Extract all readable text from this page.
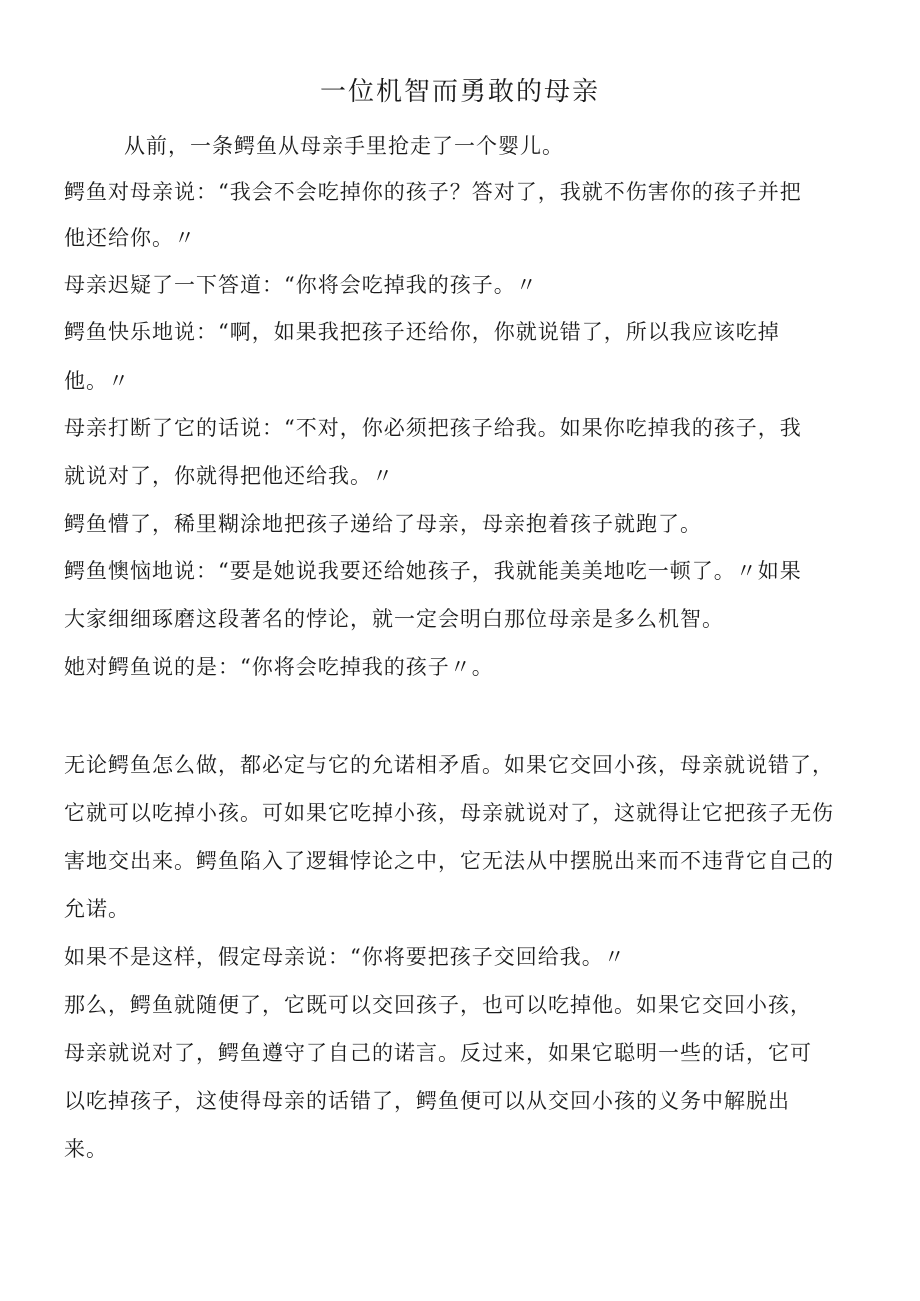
一位机智而勇敢的母亲

从前，一条鳄鱼从母亲手里抢走了一个婴儿。

鳄鱼对母亲说：“我会不会吃掉你的孩子？答对了，我就不伤害你的孩子并把

他还给你。〃

母亲迟疑了一下答道：“你将会吃掉我的孩子。〃

鳄鱼快乐地说：“啊，如果我把孩子还给你，你就说错了，所以我应该吃掉

他。〃

母亲打断了它的话说：“不对，你必须把孩子给我。如果你吃掉我的孩子，我

就说对了，你就得把他还给我。〃

鳄鱼懵了，稀里糊涂地把孩子递给了母亲，母亲抱着孩子就跑了。

鳄鱼懊恼地说：“要是她说我要还给她孩子，我就能美美地吃一顿了。〃如果

大家细细琢磨这段著名的悖论，就一定会明白那位母亲是多么机智。

她对鳄鱼说的是：“你将会吃掉我的孩子〃。

无论鳄鱼怎么做，都必定与它的允诺相矛盾。如果它交回小孩，母亲就说错了，

它就可以吃掉小孩。可如果它吃掉小孩，母亲就说对了，这就得让它把孩子无伤

害地交出来。鳄鱼陷入了逻辑悖论之中，它无法从中摆脱出来而不违背它自己的

允诺。

如果不是这样，假定母亲说：“你将要把孩子交回给我。〃

那么，鳄鱼就随便了，它既可以交回孩子，也可以吃掉他。如果它交回小孩，

母亲就说对了，鳄鱼遵守了自己的诺言。反过来，如果它聪明一些的话，它可

以吃掉孩子，这使得母亲的话错了，鳄鱼便可以从交回小孩的义务中解脱出

来。
